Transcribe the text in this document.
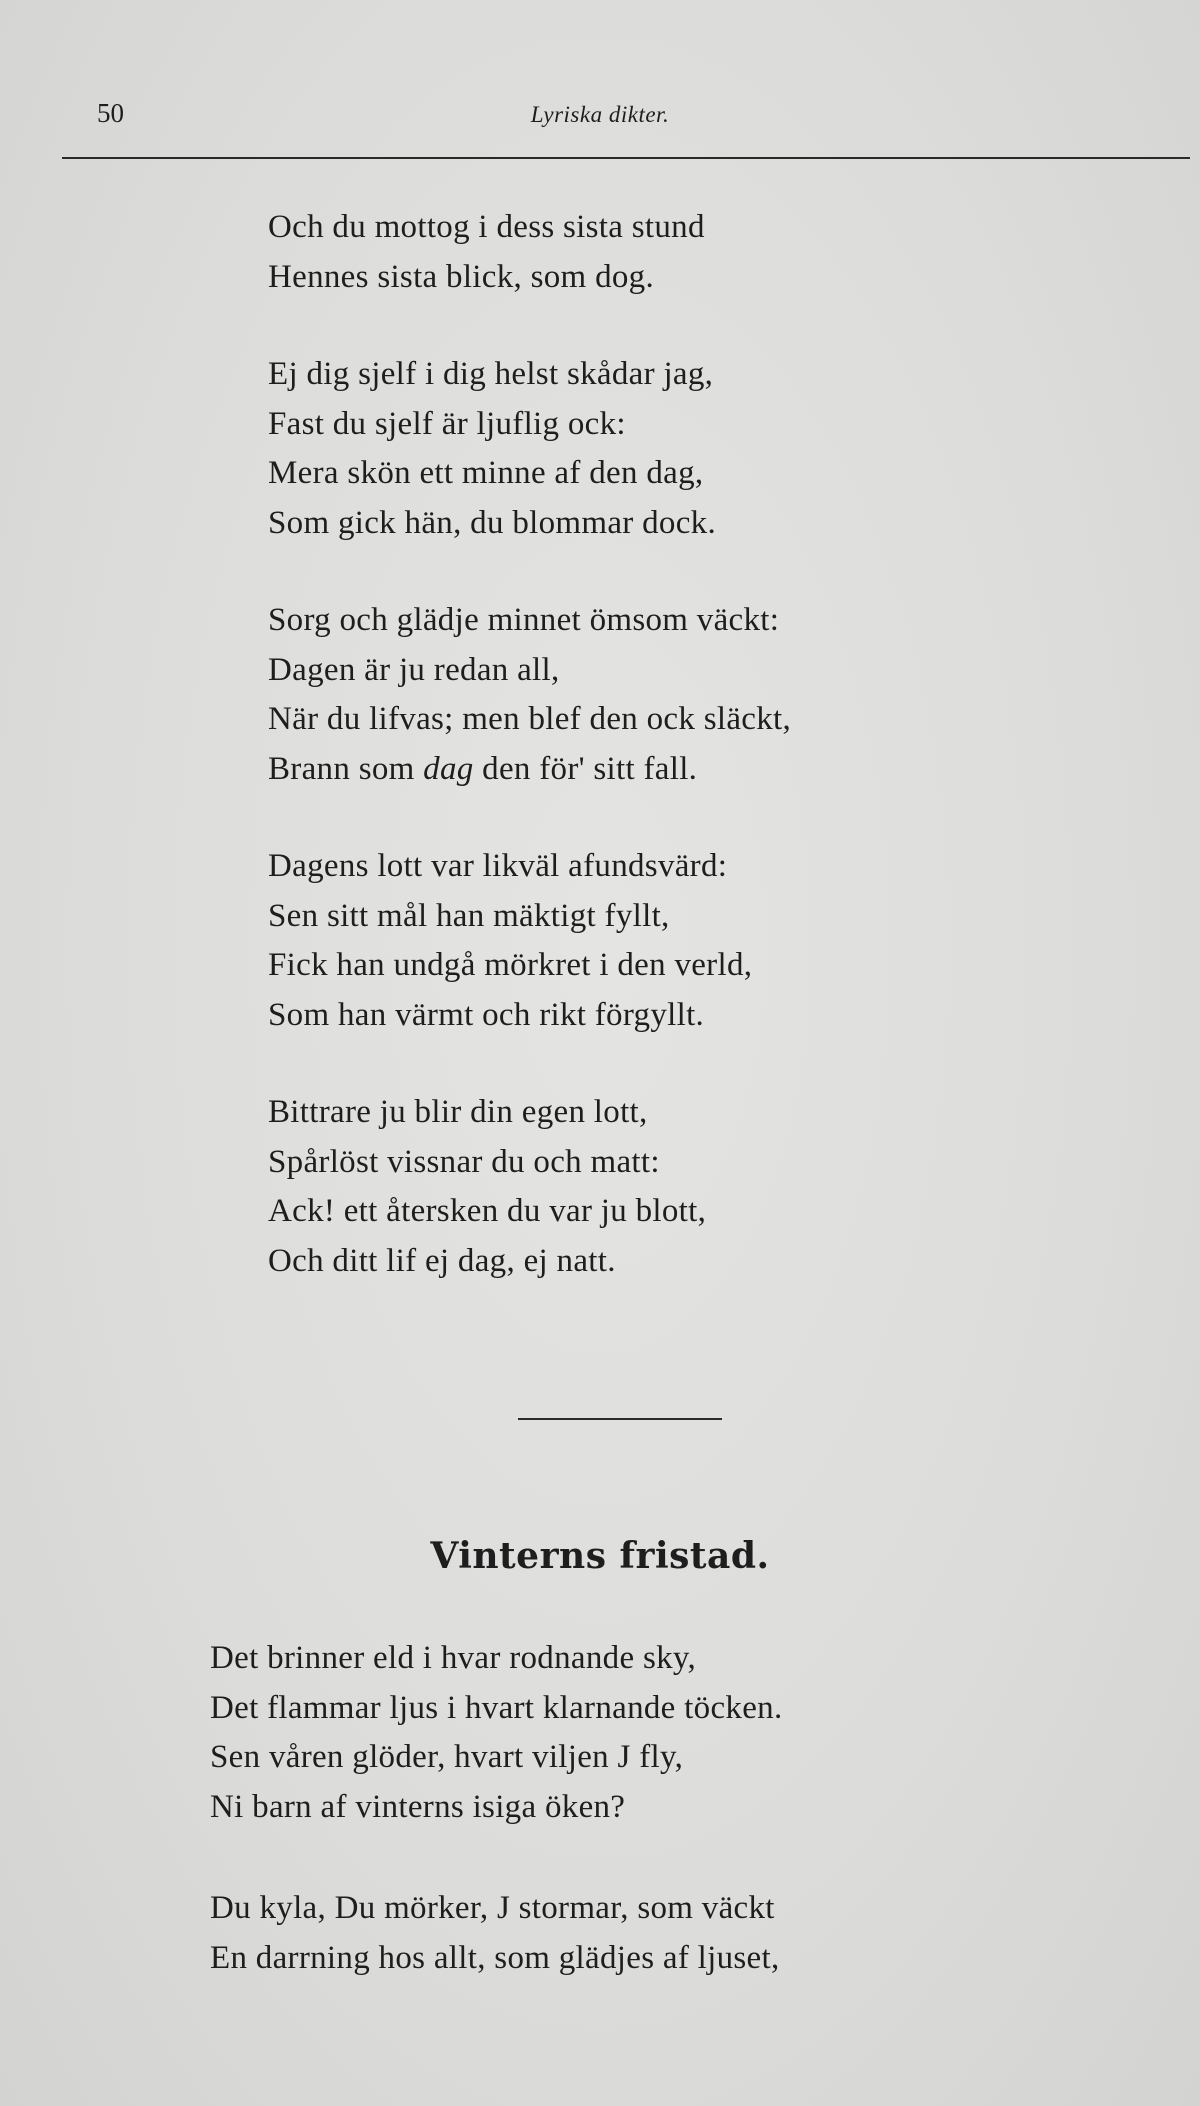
50	Lyriska dikter.
Och du mottog i dess sista stund
Hennes sista blick, som dog.
Ej dig sjelf i dig helst skådar jag,
Fast du sjelf är ljuflig ock:
Mera skön ett minne af den dag,
Som gick hän, du blommar dock.
Sorg och glädje minnet ömsom väckt:
Dagen är ju redan all,
När du lifvas; men blef den ock släckt,
Brann som dag den för' sitt fall.
Dagens lott var likväl afundsvärd:
Sen sitt mål han mäktigt fyllt,
Fick han undgå mörkret i den verld,
Som han värmt och rikt förgyllt.
Bittrare ju blir din egen lott,
Spårlöst vissnar du och matt:
Ack! ett återsken du var ju blott,
Och ditt lif ej dag, ej natt.
Vinterns fristad.
Det brinner eld i hvar rodnande sky,
Det flammar ljus i hvart klarnande töcken.
Sen våren glöder, hvart viljen J fly,
Ni barn af vinterns isiga öken?
Du kyla, Du mörker, J stormar, som väckt
En darrning hos allt, som glädjes af ljuset,
